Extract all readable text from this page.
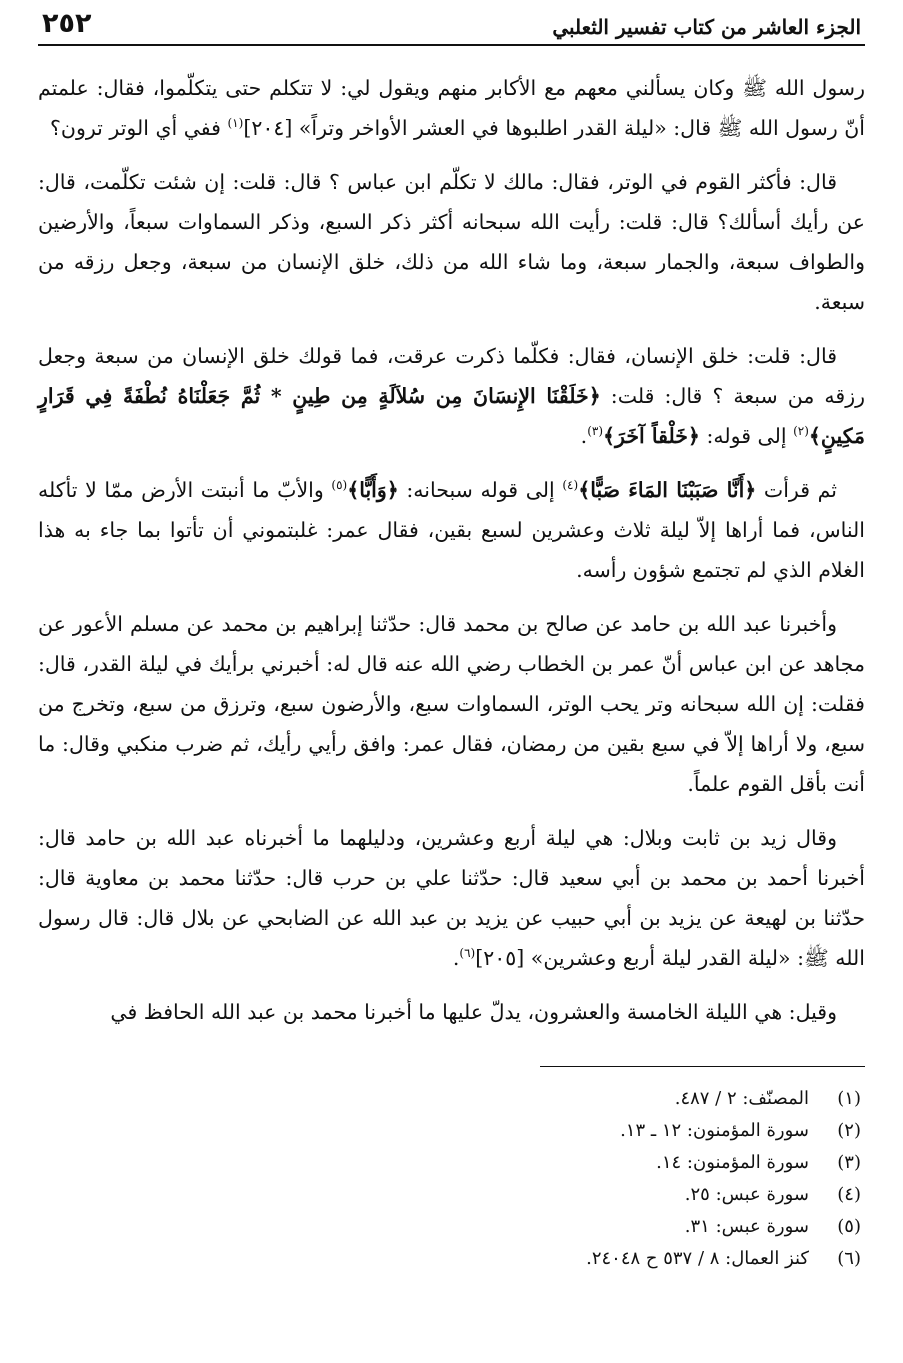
الجزء العاشر من كتاب تفسير الثعلبي
٢٥٢

رسول الله ﷺ وكان يسألني معهم مع الأكابر منهم ويقول لي: لا تتكلم حتى يتكلّموا، فقال: علمتم أنّ رسول الله ﷺ قال: «ليلة القدر اطلبوها في العشر الأواخر وتراً» [٢٠٤]$^{(١)}$ ففي أي الوتر ترون؟

قال: فأكثر القوم في الوتر، فقال: مالك لا تكلّم ابن عباس ؟ قال: قلت: إن شئت تكلّمت، قال: عن رأيك أسألك؟ قال: قلت: رأيت الله سبحانه أكثر ذكر السبع، وذكر السماوات سبعاً، والأرضين والطواف سبعة، والجمار سبعة، وما شاء الله من ذلك، خلق الإنسان من سبعة، وجعل رزقه من سبعة.

قال: قلت: خلق الإنسان، فقال: فكلّما ذكرت عرقت، فما قولك خلق الإنسان من سبعة وجعل رزقه من سبعة ؟ قال: قلت: ﴿خَلَقْنَا الإِنسَانَ مِن سُلاَلَةٍ مِن طِينٍ * ثُمَّ جَعَلْنَاهُ نُطْفَةً فِي قَرَارٍ مَكِينٍ﴾$^{(٢)}$ إلى قوله: ﴿خَلْقاً آخَرَ﴾$^{(٣)}$.

ثم قرأت ﴿أَنَّا صَبَبْنَا المَاءَ صَبًّا﴾$^{(٤)}$ إلى قوله سبحانه: ﴿وَأَبًّا﴾$^{(٥)}$ والأبّ ما أنبتت الأرض ممّا لا تأكله الناس، فما أراها إلاّ ليلة ثلاث وعشرين لسبع بقين، فقال عمر: غلبتموني أن تأتوا بما جاء به هذا الغلام الذي لم تجتمع شؤون رأسه.

وأخبرنا عبد الله بن حامد عن صالح بن محمد قال: حدّثنا إبراهيم بن محمد عن مسلم الأعور عن مجاهد عن ابن عباس أنّ عمر بن الخطاب رضي الله عنه قال له: أخبرني برأيك في ليلة القدر، قال: فقلت: إن الله سبحانه وتر يحب الوتر، السماوات سبع، والأرضون سبع، وترزق من سبع، وتخرج من سبع، ولا أراها إلاّ في سبع بقين من رمضان، فقال عمر: وافق رأيي رأيك، ثم ضرب منكبي وقال: ما أنت بأقل القوم علماً.

وقال زيد بن ثابت وبلال: هي ليلة أربع وعشرين، ودليلهما ما أخبرناه عبد الله بن حامد قال: أخبرنا أحمد بن محمد بن أبي سعيد قال: حدّثنا علي بن حرب قال: حدّثنا محمد بن معاوية قال: حدّثنا بن لهيعة عن يزيد بن أبي حبيب عن يزيد بن عبد الله عن الضابحي عن بلال قال: قال رسول الله ﷺ: «ليلة القدر ليلة أربع وعشرين» [٢٠٥]$^{(٦)}$.

وقيل: هي الليلة الخامسة والعشرون، يدلّ عليها ما أخبرنا محمد بن عبد الله الحافظ في

(١)
المصنّف: ٢ / ٤٨٧.
(٢)
سورة المؤمنون: ١٢ ـ ١٣.
(٣)
سورة المؤمنون: ١٤.
(٤)
سورة عبس: ٢٥.
(٥)
سورة عبس: ٣١.
(٦)
كنز العمال: ٨ / ٥٣٧ ح ٢٤٠٤٨.
